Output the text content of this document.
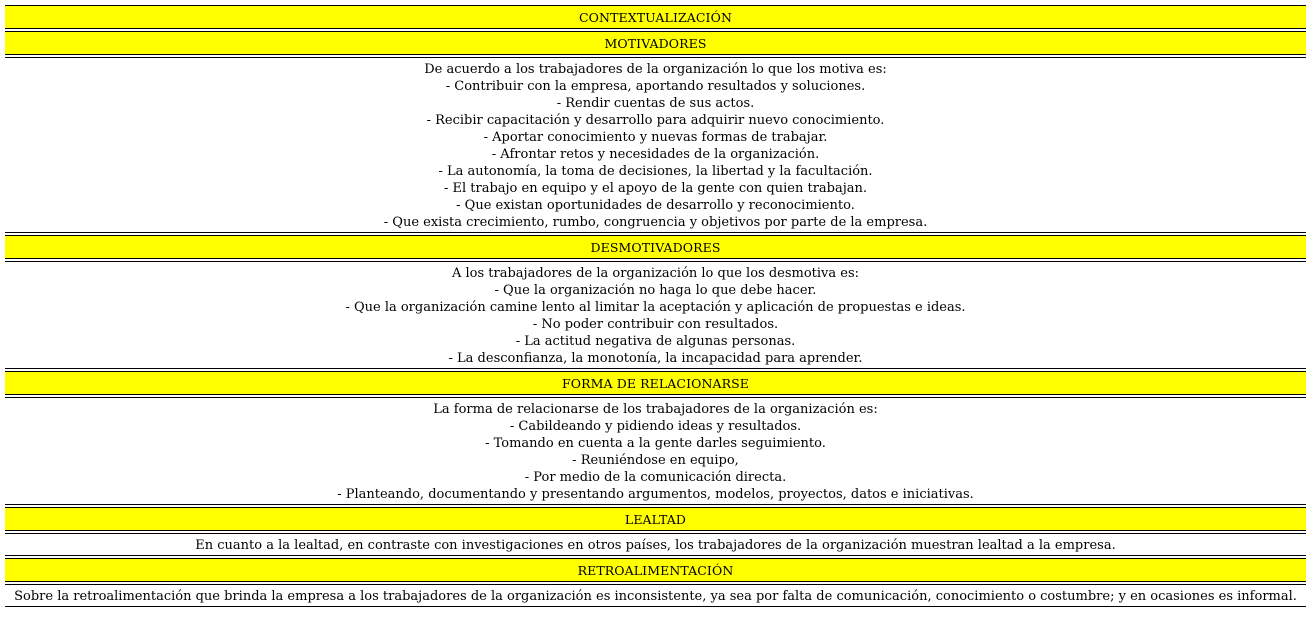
CONTEXTUALIZACIÓN
MOTIVADORES
De acuerdo a los trabajadores de la organización lo que los motiva es:
- Contribuir con la empresa, aportando resultados y soluciones.
- Rendir cuentas de sus actos.
- Recibir capacitación y desarrollo para adquirir nuevo conocimiento.
- Aportar conocimiento y nuevas formas de trabajar.
- Afrontar retos y necesidades de la organización.
- La autonomía, la toma de decisiones, la libertad y la facultación.
- El trabajo en equipo y el apoyo de la gente con quien trabajan.
- Que existan oportunidades de desarrollo y reconocimiento.
- Que exista crecimiento, rumbo, congruencia y objetivos por parte de la empresa.
DESMOTIVADORES
A los trabajadores de la organización lo que los desmotiva es:
- Que la organización no haga lo que debe hacer.
- Que la organización camine lento al limitar la aceptación y aplicación de propuestas e ideas.
- No poder contribuir con resultados.
- La actitud negativa de algunas personas.
- La desconfianza, la monotonía, la incapacidad para aprender.
FORMA DE RELACIONARSE
La forma de relacionarse de los trabajadores de la organización es:
- Cabildeando y pidiendo ideas y resultados.
- Tomando en cuenta a la gente darles seguimiento.
- Reuniéndose en equipo,
- Por medio de la comunicación directa.
- Planteando, documentando y presentando argumentos, modelos, proyectos, datos e iniciativas.
LEALTAD
En cuanto a la lealtad, en contraste con investigaciones en otros países, los trabajadores de la organización muestran lealtad a la empresa.
RETROALIMENTACIÓN
Sobre la retroalimentación que brinda la empresa a los trabajadores de la organización es inconsistente, ya sea por falta de comunicación, conocimiento o costumbre; y en ocasiones es informal.
